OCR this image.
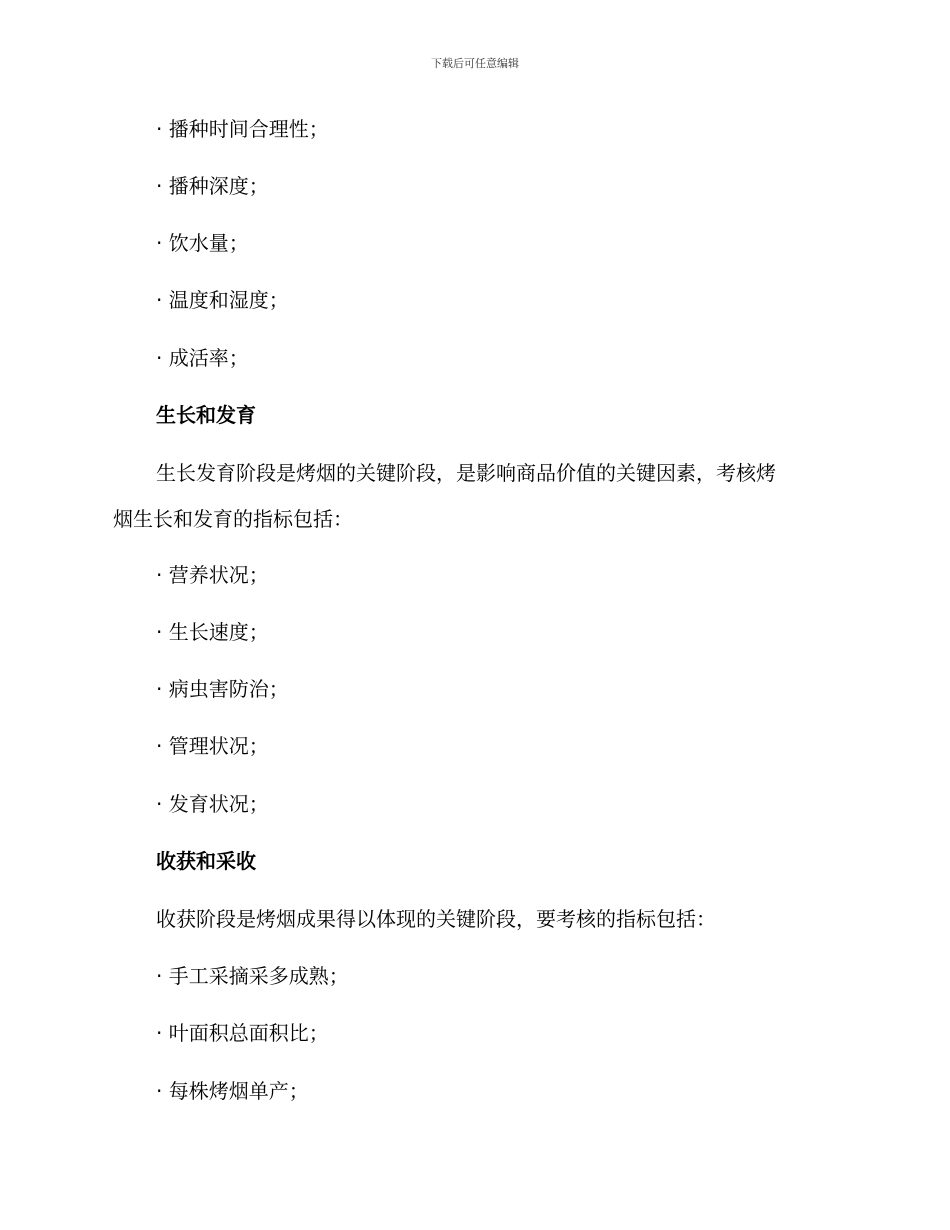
下载后可任意编辑
· 播种时间合理性；
· 播种深度；
· 饮水量；
· 温度和湿度；
· 成活率；
生长和发育
生长发育阶段是烤烟的关键阶段，是影响商品价值的关键因素，考核烤
烟生长和发育的指标包括：
· 营养状况；
· 生长速度；
· 病虫害防治；
· 管理状况；
· 发育状况；
收获和采收
收获阶段是烤烟成果得以体现的关键阶段，要考核的指标包括：
· 手工采摘采多成熟；
· 叶面积总面积比；
· 每株烤烟单产；
